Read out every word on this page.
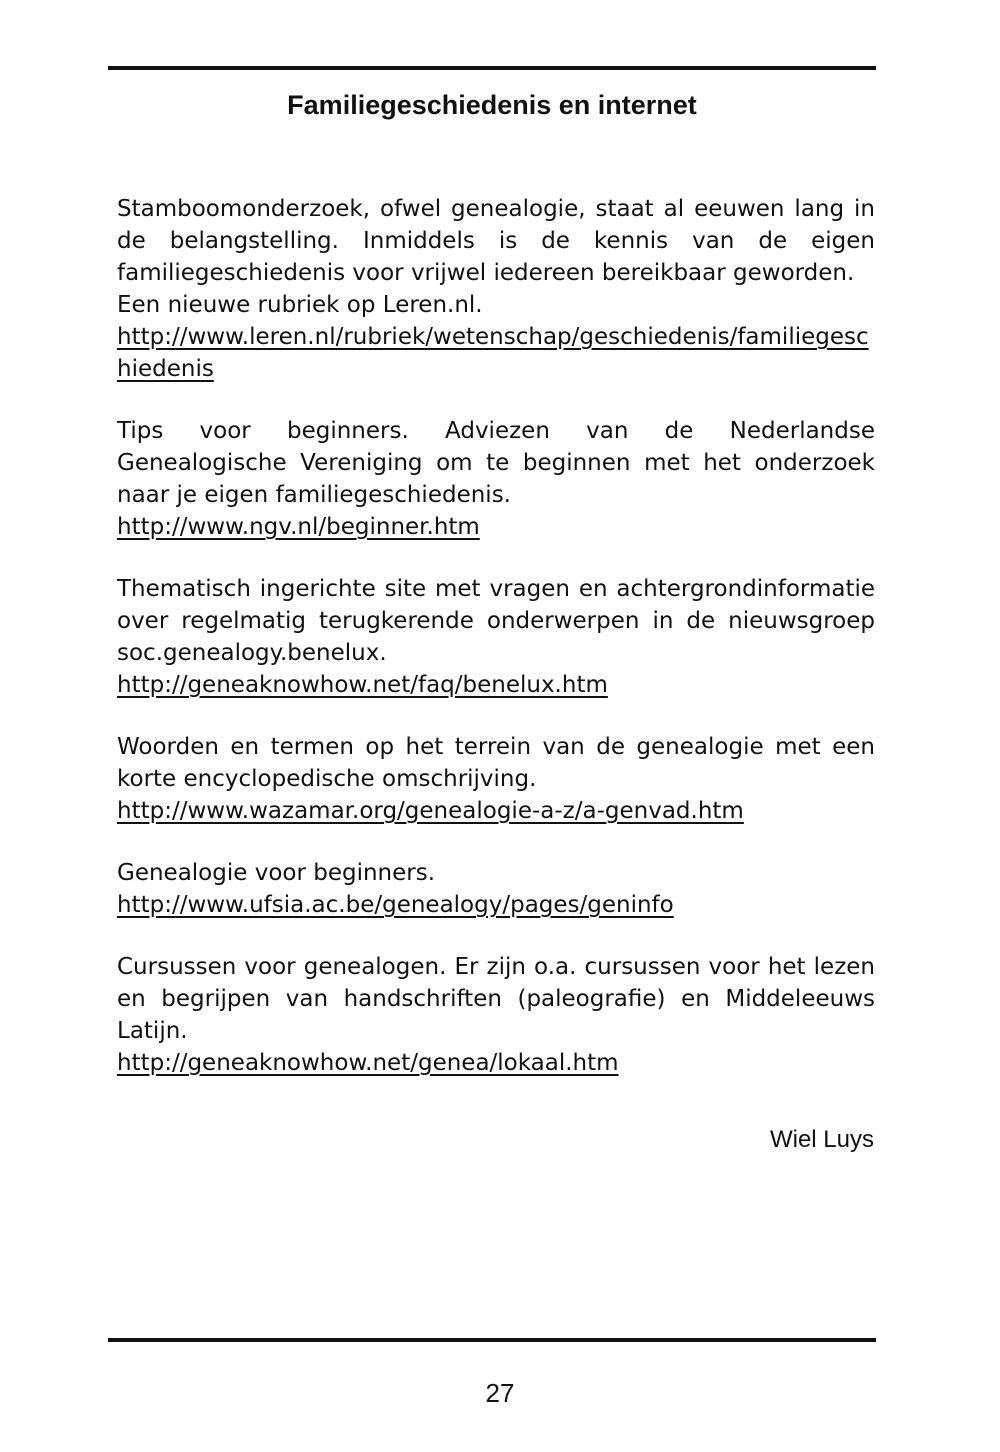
Familiegeschiedenis en internet

Stamboomonderzoek, ofwel genealogie, staat al eeuwen lang in de belangstelling. Inmiddels is de kennis van de eigen familiegeschiedenis voor vrijwel iedereen bereikbaar geworden.

Een nieuwe rubriek op Leren.nl.

http://www.leren.nl/rubriek/wetenschap/geschiedenis/familiegeschiedenis

Tips voor beginners. Adviezen van de Nederlandse Genealogische Vereniging om te beginnen met het onderzoek naar je eigen familiegeschiedenis.

http://www.ngv.nl/beginner.htm

Thematisch ingerichte site met vragen en achtergrondinformatie over regelmatig terugkerende onderwerpen in de nieuwsgroep soc.genealogy.benelux.

http://geneaknowhow.net/faq/benelux.htm

Woorden en termen op het terrein van de genealogie met een korte encyclopedische omschrijving.

http://www.wazamar.org/genealogie-a-z/a-genvad.htm

Genealogie voor beginners.

http://www.ufsia.ac.be/genealogy/pages/geninfo

Cursussen voor genealogen. Er zijn o.a. cursussen voor het lezen en begrijpen van handschriften (paleografie) en Middeleeuws Latijn.

http://geneaknowhow.net/genea/lokaal.htm
Wiel Luys
27
